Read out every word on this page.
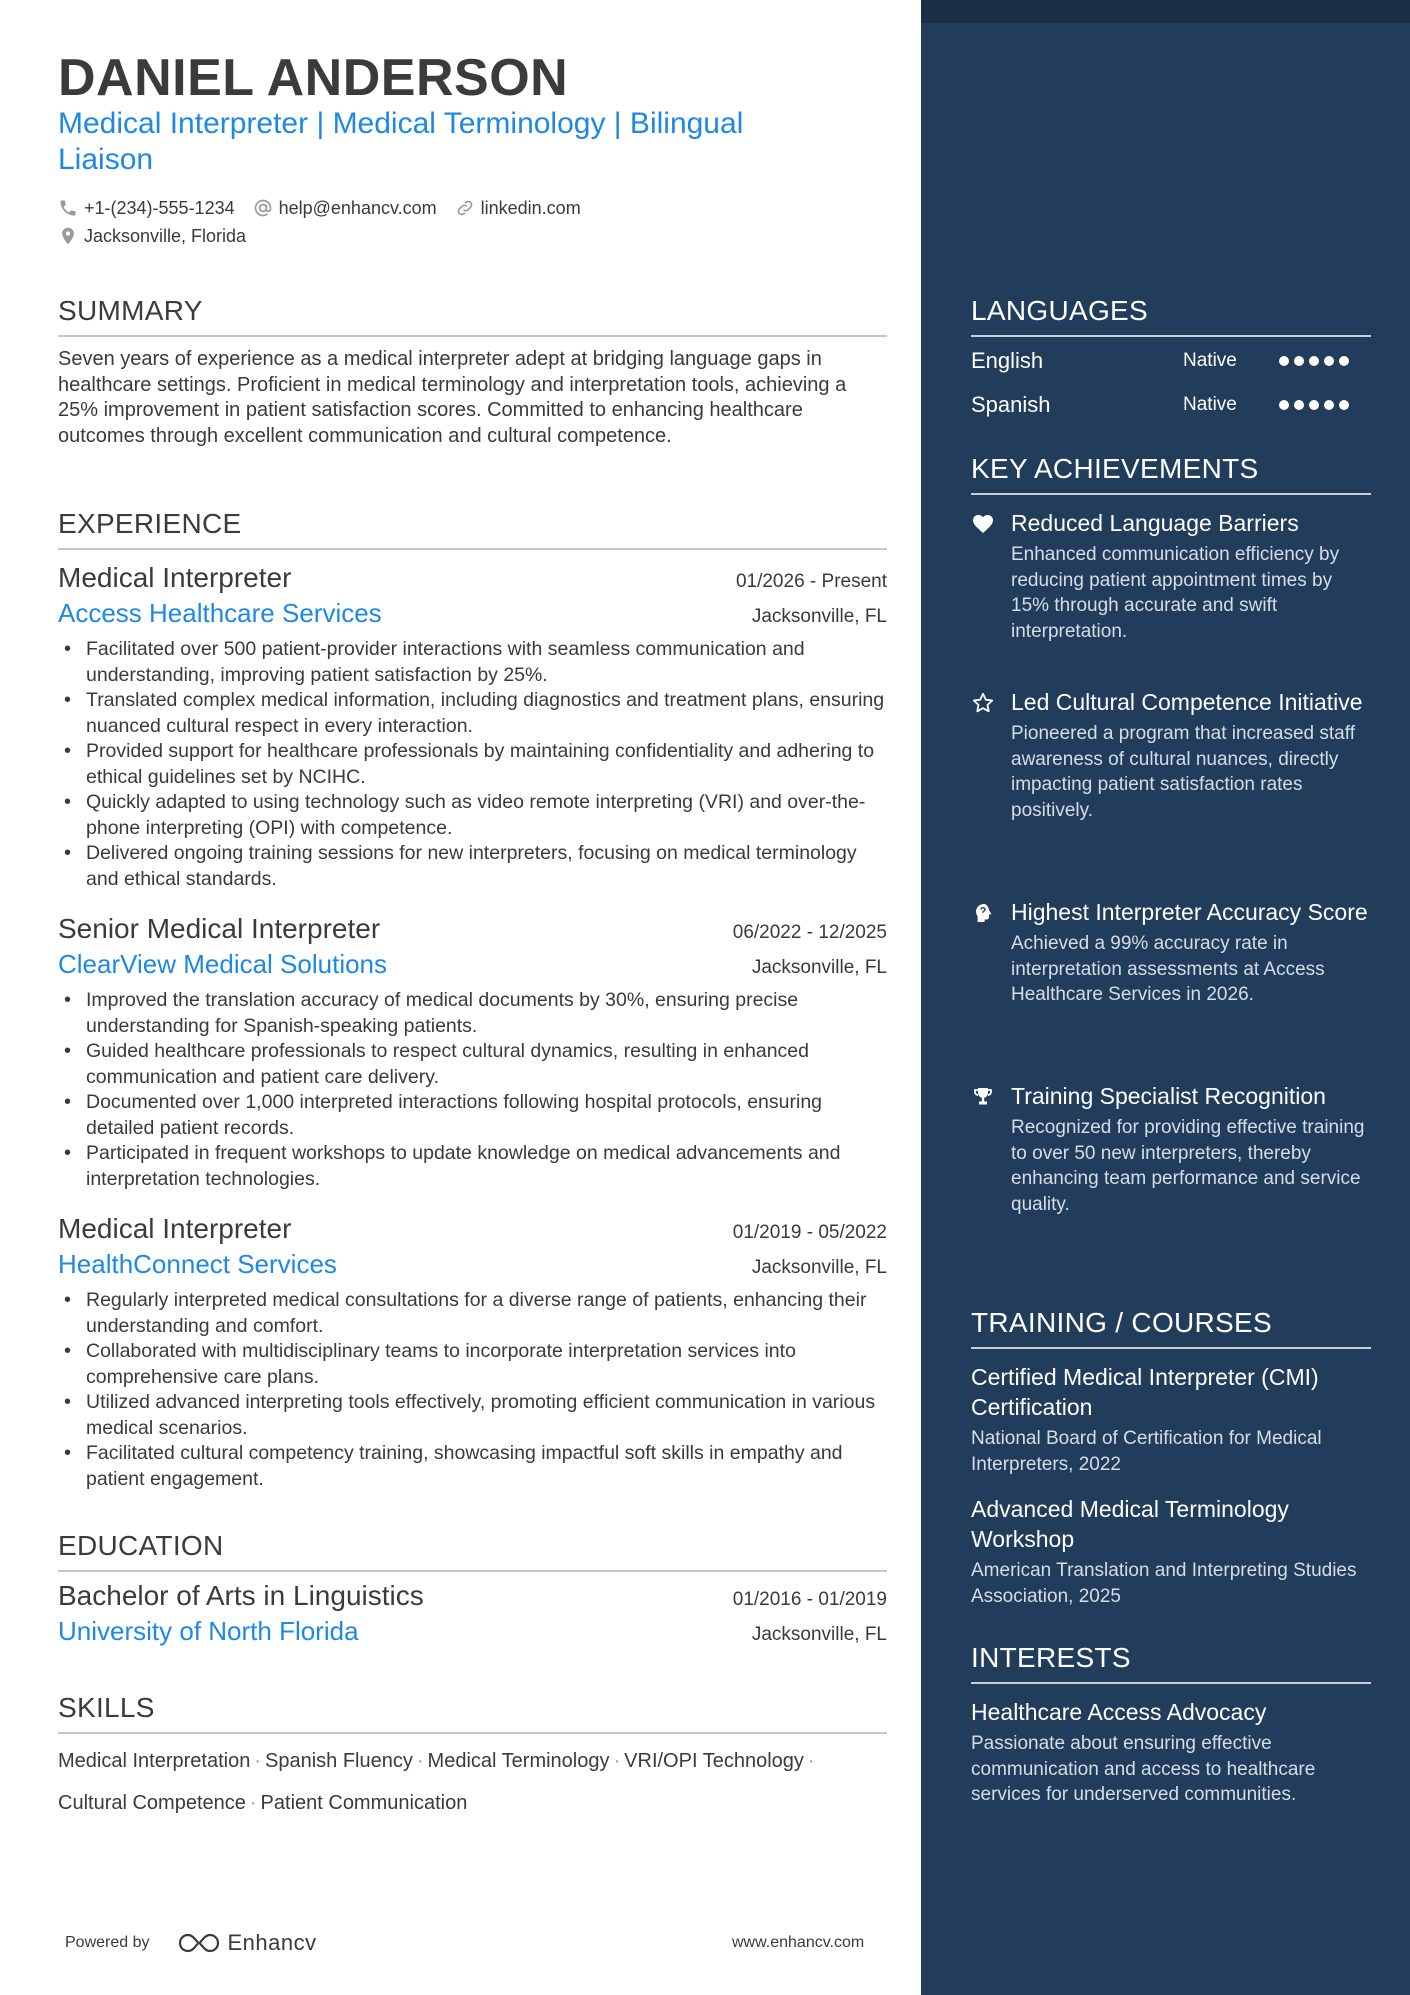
DANIEL ANDERSON
Medical Interpreter | Medical Terminology | Bilingual Liaison
+1-(234)-555-1234 help@enhancv.com linkedin.com
Jacksonville, Florida
SUMMARY
Seven years of experience as a medical interpreter adept at bridging language gaps in healthcare settings. Proficient in medical terminology and interpretation tools, achieving a 25% improvement in patient satisfaction scores. Committed to enhancing healthcare outcomes through excellent communication and cultural competence.
EXPERIENCE
Medical Interpreter	01/2026 - Present
Access Healthcare Services	Jacksonville, FL
• Facilitated over 500 patient-provider interactions with seamless communication and understanding, improving patient satisfaction by 25%.
• Translated complex medical information, including diagnostics and treatment plans, ensuring nuanced cultural respect in every interaction.
• Provided support for healthcare professionals by maintaining confidentiality and adhering to ethical guidelines set by NCIHC.
• Quickly adapted to using technology such as video remote interpreting (VRI) and over-the-phone interpreting (OPI) with competence.
• Delivered ongoing training sessions for new interpreters, focusing on medical terminology and ethical standards.
Senior Medical Interpreter	06/2022 - 12/2025
ClearView Medical Solutions	Jacksonville, FL
• Improved the translation accuracy of medical documents by 30%, ensuring precise understanding for Spanish-speaking patients.
• Guided healthcare professionals to respect cultural dynamics, resulting in enhanced communication and patient care delivery.
• Documented over 1,000 interpreted interactions following hospital protocols, ensuring detailed patient records.
• Participated in frequent workshops to update knowledge on medical advancements and interpretation technologies.
Medical Interpreter	01/2019 - 05/2022
HealthConnect Services	Jacksonville, FL
• Regularly interpreted medical consultations for a diverse range of patients, enhancing their understanding and comfort.
• Collaborated with multidisciplinary teams to incorporate interpretation services into comprehensive care plans.
• Utilized advanced interpreting tools effectively, promoting efficient communication in various medical scenarios.
• Facilitated cultural competency training, showcasing impactful soft skills in empathy and patient engagement.
EDUCATION
Bachelor of Arts in Linguistics	01/2016 - 01/2019
University of North Florida	Jacksonville, FL
SKILLS
Medical Interpretation · Spanish Fluency · Medical Terminology · VRI/OPI Technology ·
Cultural Competence · Patient Communication
Powered by	Enhancv	www.enhancv.com
LANGUAGES
English	Native
Spanish	Native
KEY ACHIEVEMENTS
Reduced Language Barriers
Enhanced communication efficiency by reducing patient appointment times by 15% through accurate and swift interpretation.
Led Cultural Competence Initiative
Pioneered a program that increased staff awareness of cultural nuances, directly impacting patient satisfaction rates positively.
Highest Interpreter Accuracy Score
Achieved a 99% accuracy rate in interpretation assessments at Access Healthcare Services in 2026.
Training Specialist Recognition
Recognized for providing effective training to over 50 new interpreters, thereby enhancing team performance and service quality.
TRAINING / COURSES
Certified Medical Interpreter (CMI) Certification
National Board of Certification for Medical Interpreters, 2022
Advanced Medical Terminology Workshop
American Translation and Interpreting Studies Association, 2025
INTERESTS
Healthcare Access Advocacy
Passionate about ensuring effective communication and access to healthcare services for underserved communities.
